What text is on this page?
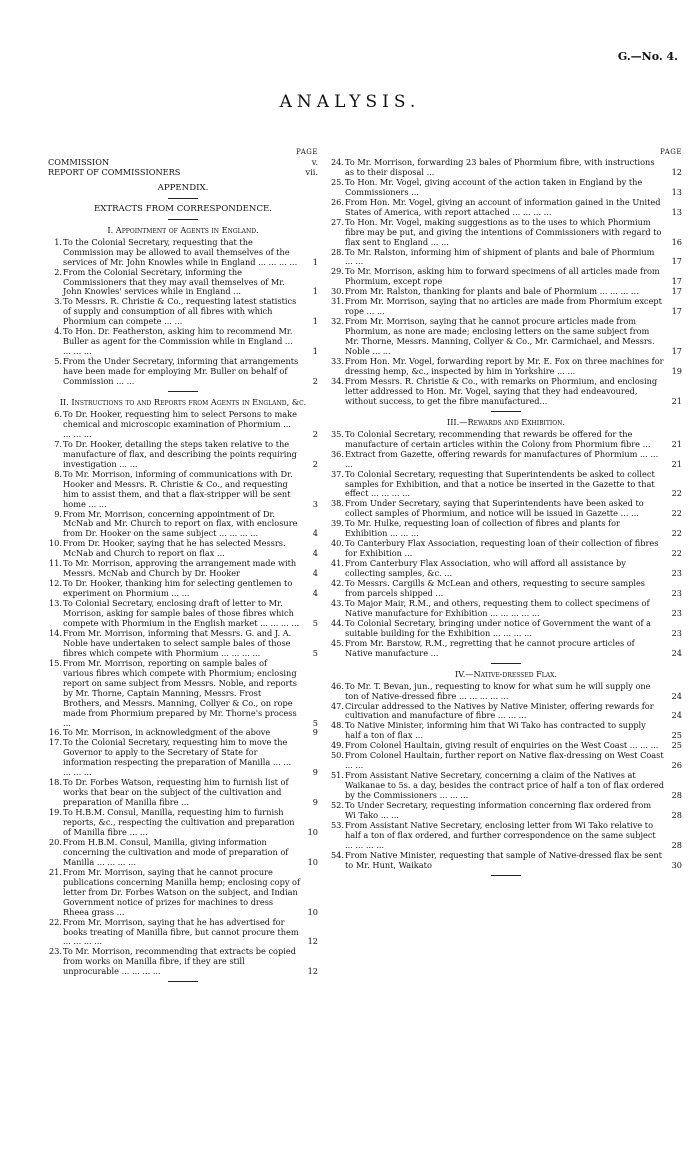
G.—No. 4.
ANALYSIS.
PAGE
COMMISSION	v.
REPORT OF COMMISSIONERS	vii.
APPENDIX.
EXTRACTS FROM CORRESPONDENCE.
I. Appointment of Agents in England.
1. To the Colonial Secretary, requesting that the Commission may be allowed to avail themselves of the services of Mr. John Knowles while in England ... ... ... ...	1
2. From the Colonial Secretary, informing the Commissioners that they may avail themselves of Mr. John Knowles' services while in England ...	1
3. To Messrs. R. Christie & Co., requesting latest statistics of supply and consumption of all fibres with which Phormium can compete ... ...	1
4. To Hon. Dr. Featherston, asking him to recommend Mr. Buller as agent for the Commission while in England ... ... ... ...	1
5. From the Under Secretary, informing that arrangements have been made for employing Mr. Buller on behalf of Commission ... ...	2
II. Instructions to and Reports from Agents in England, &c.
6. To Dr. Hooker, requesting him to select Persons to make chemical and microscopic examination of Phormium ... ... ... ...	2
7. To Dr. Hooker, detailing the steps taken relative to the manufacture of flax, and describing the points requiring investigation ... ...	2
8. To Mr. Morrison, informing of communications with Dr. Hooker and Messrs. R. Christie & Co., and requesting him to assist them, and that a flax-stripper will be sent home ... ...	3
9. From Mr. Morrison, concerning appointment of Dr. McNab and Mr. Church to report on flax, with enclosure from Dr. Hooker on the same subject ... ... ... ...	4
10. From Dr. Hooker, saying that he has selected Messrs. McNab and Church to report on flax ...	4
11. To Mr. Morrison, approving the arrangement made with Messrs. McNab and Church by Dr. Hooker	4
12. To Dr. Hooker, thanking him for selecting gentlemen to experiment on Phormium ... ...	4
13. To Colonial Secretary, enclosing draft of letter to Mr. Morrison, asking for sample bales of those fibres which compete with Phormium in the English market ... ... ... ...	5
14. From Mr. Morrison, informing that Messrs. G. and J. A. Noble have undertaken to select sample bales of those fibres which compete with Phormium ... ... ... ...	5
15. From Mr. Morrison, reporting on sample bales of various fibres which compete with Phormium; enclosing report on same subject from Messrs. Noble, and reports by Mr. Thorne, Captain Manning, Messrs. Frost Brothers, and Messrs. Manning, Collyer & Co., on rope made from Phormium prepared by Mr. Thorne's process ...	5
16. To Mr. Morrison, in acknowledgment of the above	9
17. To the Colonial Secretary, requesting him to move the Governor to apply to the Secretary of State for information respecting the preparation of Manilla ... ... ... ... ...	9
18. To Dr. Forbes Watson, requesting him to furnish list of works that bear on the subject of the cultivation and preparation of Manilla fibre ...	9
19. To H.B.M. Consul, Manilla, requesting him to furnish reports, &c., respecting the cultivation and preparation of Manilla fibre ... ...	10
20. From H.B.M. Consul, Manilla, giving information concerning the cultivation and mode of preparation of Manilla ... ... ... ...	10
21. From Mr. Morrison, saying that he cannot procure publications concerning Manilla hemp; enclosing copy of letter from Dr. Forbes Watson on the subject, and Indian Government notice of prizes for machines to dress Rheea grass ...	10
22. From Mr. Morrison, saying that he has advertised for books treating of Manilla fibre, but cannot procure them ... ... ... ...	12
23. To Mr. Morrison, recommending that extracts be copied from works on Manilla fibre, if they are still unprocurable ... ... ... ...	12
PAGE
24. To Mr. Morrison, forwarding 23 bales of Phormium fibre, with instructions as to their disposal ...	12
25. To Hon. Mr. Vogel, giving account of the action taken in England by the Commissioners ...	13
26. From Hon. Mr. Vogel, giving an account of information gained in the United States of America, with report attached ... ... ... ...	13
27. To Hon. Mr. Vogel, making suggestions as to the uses to which Phormium fibre may be put, and giving the intentions of Commissioners with regard to flax sent to England ... ...	16
28. To Mr. Ralston, informing him of shipment of plants and bale of Phormium ... ...	17
29. To Mr. Morrison, asking him to forward specimens of all articles made from Phormium, except rope	17
30. From Mr. Ralston, thanking for plants and bale of Phormium ... ... ... ...	17
31. From Mr. Morrison, saying that no articles are made from Phormium except rope ... ...	17
32. From Mr. Morrison, saying that he cannot procure articles made from Phormium, as none are made; enclosing letters on the same subject from Mr. Thorne, Messrs. Manning, Collyer & Co., Mr. Carmichael, and Messrs. Noble ... ...	17
33. From Hon. Mr. Vogel, forwarding report by Mr. E. Fox on three machines for dressing hemp, &c., inspected by him in Yorkshire ... ...	19
34. From Messrs. R. Christie & Co., with remarks on Phormium, and enclosing letter addressed to Hon. Mr. Vogel, saying that they had endeavoured, without success, to get the fibre manufactured...	21
III.—Rewards and Exhibition.
35. To Colonial Secretary, recommending that rewards be offered for the manufacture of certain articles within the Colony from Phormium fibre ...	21
36. Extract from Gazette, offering rewards for manufactures of Phormium ... ... ...	21
37. To Colonial Secretary, requesting that Superintendents be asked to collect samples for Exhibition, and that a notice be inserted in the Gazette to that effect ... ... ... ...	22
38. From Under Secretary, saying that Superintendents have been asked to collect samples of Phormium, and notice will be issued in Gazette ... ...	22
39. To Mr. Hulke, requesting loan of collection of fibres and plants for Exhibition ... ... ...	22
40. To Canterbury Flax Association, requesting loan of their collection of fibres for Exhibition ...	22
41. From Canterbury Flax Association, who will afford all assistance by collecting samples, &c. ...	23
42. To Messrs. Cargills & McLean and others, requesting to secure samples from parcels shipped ...	23
43. To Major Mair, R.M., and others, requesting them to collect specimens of Native manufacture for Exhibition ... ... ... ... ...	23
44. To Colonial Secretary, bringing under notice of Government the want of a suitable building for the Exhibition ... ... ... ...	23
45. From Mr. Barstow, R.M., regretting that he cannot procure articles of Native manufacture ...	24
IV.—Native-dressed Flax.
46. To Mr. T. Bevan, jun., requesting to know for what sum he will supply one ton of Native-dressed fibre ... ... ... ... ...	24
47. Circular addressed to the Natives by Native Minister, offering rewards for cultivation and manufacture of fibre ... ... ...	24
48. To Native Minister, informing him that Wi Tako has contracted to supply half a ton of flax ...	25
49. From Colonel Haultain, giving result of enquiries on the West Coast ... ... ...	25
50. From Colonel Haultain, further report on Native flax-dressing on West Coast ... ...	26
51. From Assistant Native Secretary, concerning a claim of the Natives at Waikanae to 5s. a day, besides the contract price of half a ton of flax ordered by the Commissioners ... ... ...	28
52. To Under Secretary, requesting information concerning flax ordered from Wi Tako ... ...	28
53. From Assistant Native Secretary, enclosing letter from Wi Tako relative to half a ton of flax ordered, and further correspondence on the same subject ... ... ... ...	28
54. From Native Minister, requesting that sample of Native-dressed flax be sent to Mr. Hunt, Waikato	30
